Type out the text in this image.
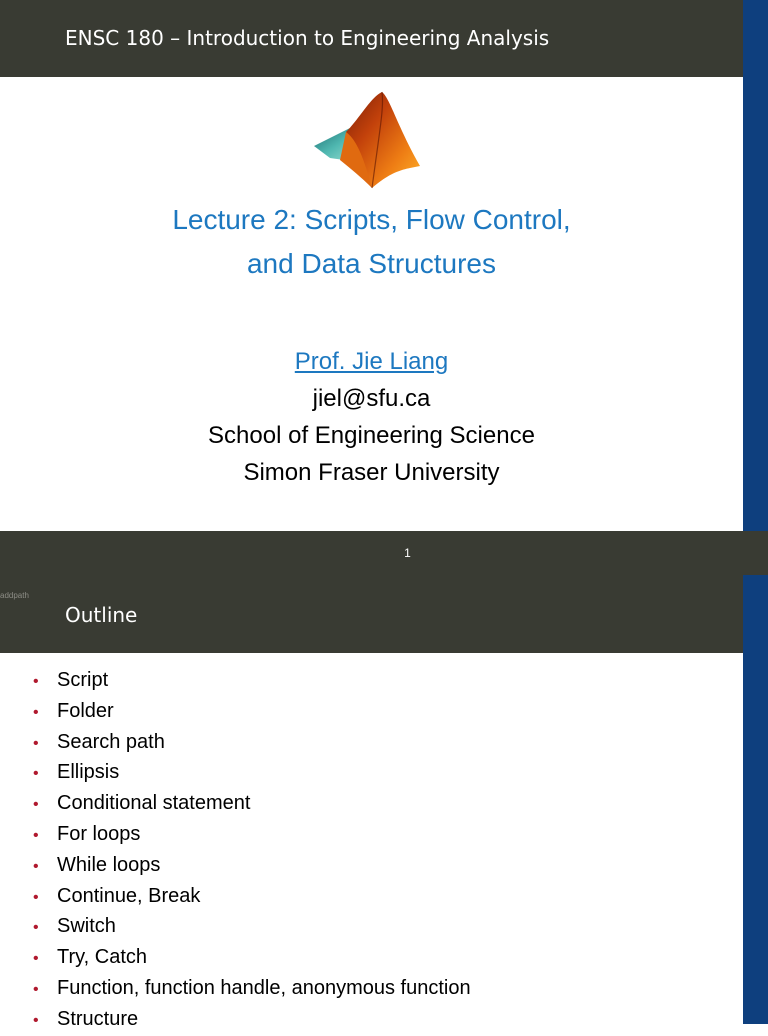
ENSC 180 – Introduction to Engineering Analysis
Lecture 2: Scripts, Flow Control,
and Data Structures
Prof. Jie Liang
jiel@sfu.ca
School of Engineering Science
Simon Fraser University
1
addpath
Outline
• Script
• Folder
• Search path
• Ellipsis
• Conditional statement
• For loops
• While loops
• Continue, Break
• Switch
• Try, Catch
• Function, function handle, anonymous function
• Structure
